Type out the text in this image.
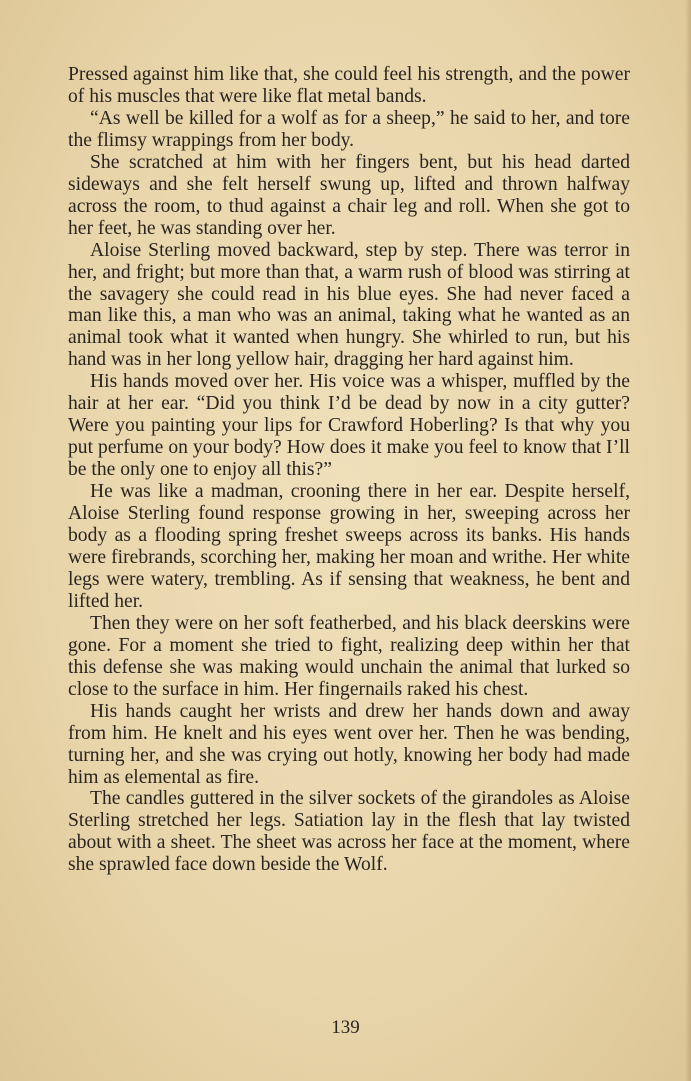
Pressed against him like that, she could feel his strength, and the power of his muscles that were like flat metal bands.

“As well be killed for a wolf as for a sheep,” he said to her, and tore the flimsy wrappings from her body.

She scratched at him with her fingers bent, but his head darted sideways and she felt herself swung up, lifted and thrown halfway across the room, to thud against a chair leg and roll. When she got to her feet, he was standing over her.

Aloise Sterling moved backward, step by step. There was terror in her, and fright; but more than that, a warm rush of blood was stirring at the savagery she could read in his blue eyes. She had never faced a man like this, a man who was an animal, taking what he wanted as an animal took what it wanted when hungry. She whirled to run, but his hand was in her long yellow hair, dragging her hard against him.

His hands moved over her. His voice was a whisper, muffled by the hair at her ear. “Did you think I’d be dead by now in a city gutter? Were you painting your lips for Crawford Hoberling? Is that why you put perfume on your body? How does it make you feel to know that I’ll be the only one to enjoy all this?”

He was like a madman, crooning there in her ear. Despite herself, Aloise Sterling found response growing in her, sweeping across her body as a flooding spring freshet sweeps across its banks. His hands were firebrands, scorching her, making her moan and writhe. Her white legs were watery, trembling. As if sensing that weakness, he bent and lifted her.

Then they were on her soft featherbed, and his black deerskins were gone. For a moment she tried to fight, realizing deep within her that this defense she was making would unchain the animal that lurked so close to the surface in him. Her fingernails raked his chest.

His hands caught her wrists and drew her hands down and away from him. He knelt and his eyes went over her. Then he was bending, turning her, and she was crying out hotly, knowing her body had made him as elemental as fire.

The candles guttered in the silver sockets of the girandoles as Aloise Sterling stretched her legs. Satiation lay in the flesh that lay twisted about with a sheet. The sheet was across her face at the moment, where she sprawled face down beside the Wolf.

139
